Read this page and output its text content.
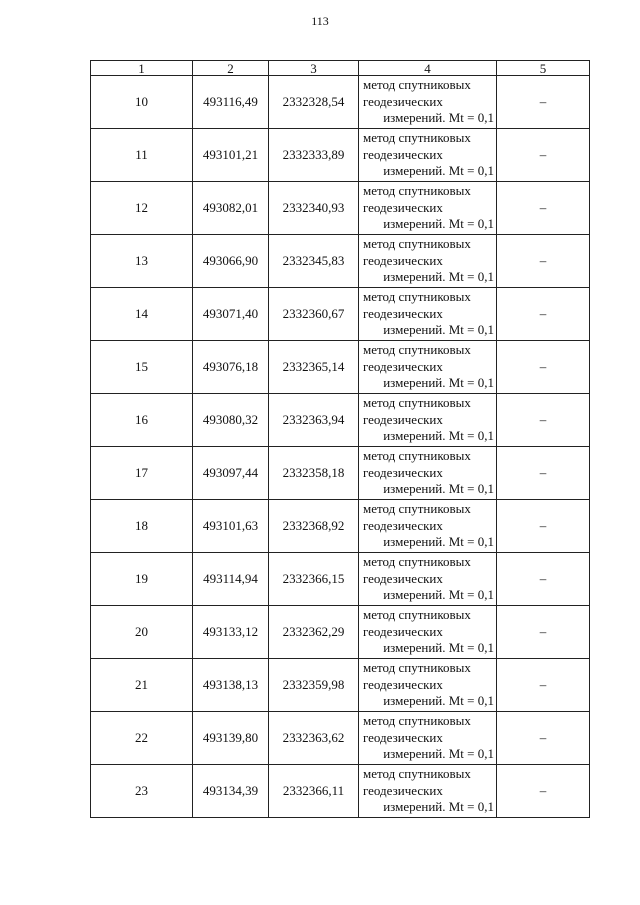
113
1	2	3	4	5
10	493116,49	2332328,54	метод спутниковых
геодезических
измерений. Mt = 0,1	–
11	493101,21	2332333,89	метод спутниковых
геодезических
измерений. Mt = 0,1	–
12	493082,01	2332340,93	метод спутниковых
геодезических
измерений. Mt = 0,1	–
13	493066,90	2332345,83	метод спутниковых
геодезических
измерений. Mt = 0,1	–
14	493071,40	2332360,67	метод спутниковых
геодезических
измерений. Mt = 0,1	–
15	493076,18	2332365,14	метод спутниковых
геодезических
измерений. Mt = 0,1	–
16	493080,32	2332363,94	метод спутниковых
геодезических
измерений. Mt = 0,1	–
17	493097,44	2332358,18	метод спутниковых
геодезических
измерений. Mt = 0,1	–
18	493101,63	2332368,92	метод спутниковых
геодезических
измерений. Mt = 0,1	–
19	493114,94	2332366,15	метод спутниковых
геодезических
измерений. Mt = 0,1	–
20	493133,12	2332362,29	метод спутниковых
геодезических
измерений. Mt = 0,1	–
21	493138,13	2332359,98	метод спутниковых
геодезических
измерений. Mt = 0,1	–
22	493139,80	2332363,62	метод спутниковых
геодезических
измерений. Mt = 0,1	–
23	493134,39	2332366,11	метод спутниковых
геодезических
измерений. Mt = 0,1	–
